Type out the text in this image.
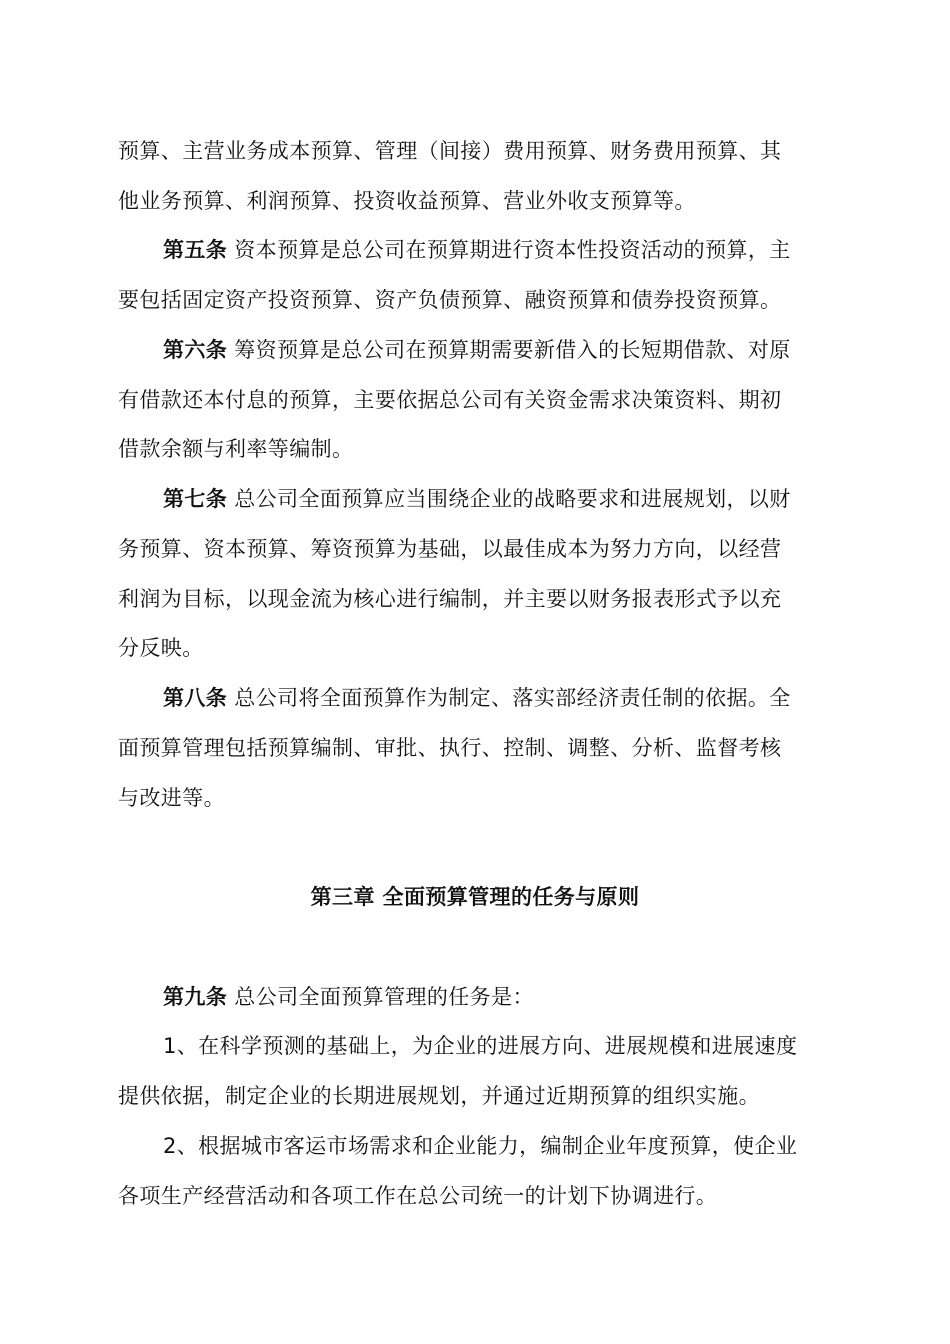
预算、主营业务成本预算、管理（间接）费用预算、财务费用预算、其
他业务预算、利润预算、投资收益预算、营业外收支预算等。
第五条 资本预算是总公司在预算期进行资本性投资活动的预算，主
要包括固定资产投资预算、资产负债预算、融资预算和债券投资预算。
第六条 筹资预算是总公司在预算期需要新借入的长短期借款、对原
有借款还本付息的预算，主要依据总公司有关资金需求决策资料、期初
借款余额与利率等编制。
第七条 总公司全面预算应当围绕企业的战略要求和进展规划，以财
务预算、资本预算、筹资预算为基础，以最佳成本为努力方向，以经营
利润为目标，以现金流为核心进行编制，并主要以财务报表形式予以充
分反映。
第八条 总公司将全面预算作为制定、落实部经济责任制的依据。全
面预算管理包括预算编制、审批、执行、控制、调整、分析、监督考核
与改进等。
第三章 全面预算管理的任务与原则
第九条 总公司全面预算管理的任务是：
1、在科学预测的基础上，为企业的进展方向、进展规模和进展速度
提供依据，制定企业的长期进展规划，并通过近期预算的组织实施。
2、根据城市客运市场需求和企业能力，编制企业年度预算，使企业
各项生产经营活动和各项工作在总公司统一的计划下协调进行。
